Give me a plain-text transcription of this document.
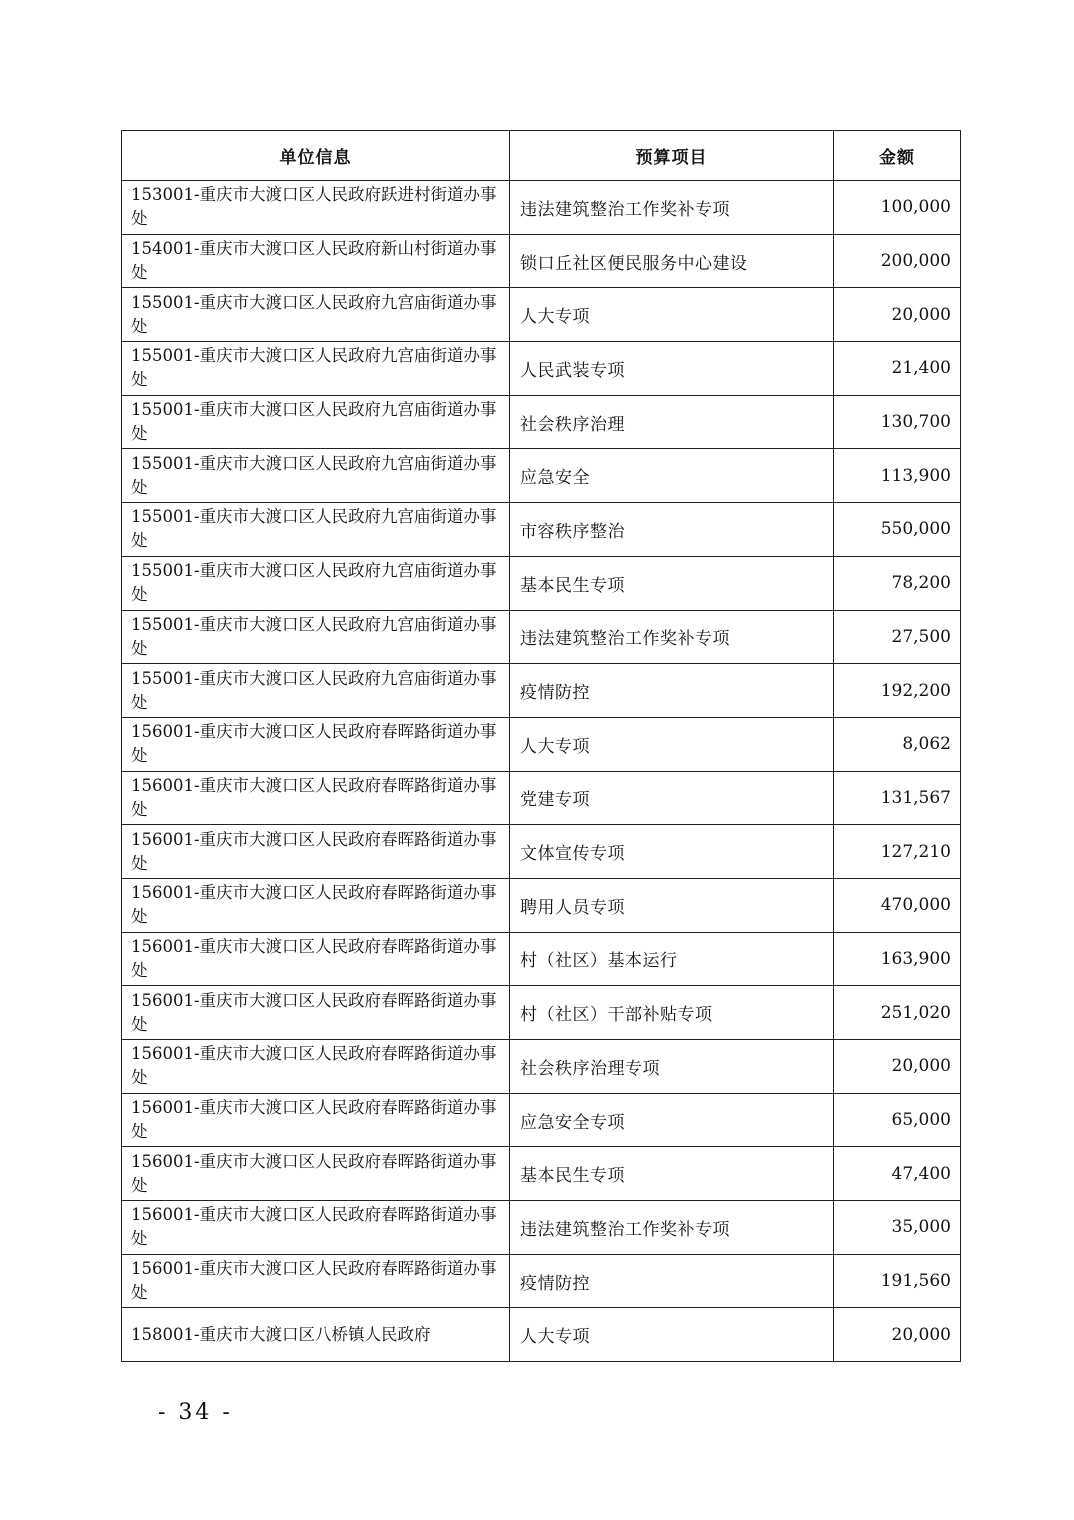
单位信息	预算项目	金额
153001-重庆市大渡口区人民政府跃进村街道办事处	违法建筑整治工作奖补专项	100,000
154001-重庆市大渡口区人民政府新山村街道办事处	锁口丘社区便民服务中心建设	200,000
155001-重庆市大渡口区人民政府九宫庙街道办事处	人大专项	20,000
155001-重庆市大渡口区人民政府九宫庙街道办事处	人民武装专项	21,400
155001-重庆市大渡口区人民政府九宫庙街道办事处	社会秩序治理	130,700
155001-重庆市大渡口区人民政府九宫庙街道办事处	应急安全	113,900
155001-重庆市大渡口区人民政府九宫庙街道办事处	市容秩序整治	550,000
155001-重庆市大渡口区人民政府九宫庙街道办事处	基本民生专项	78,200
155001-重庆市大渡口区人民政府九宫庙街道办事处	违法建筑整治工作奖补专项	27,500
155001-重庆市大渡口区人民政府九宫庙街道办事处	疫情防控	192,200
156001-重庆市大渡口区人民政府春晖路街道办事处	人大专项	8,062
156001-重庆市大渡口区人民政府春晖路街道办事处	党建专项	131,567
156001-重庆市大渡口区人民政府春晖路街道办事处	文体宣传专项	127,210
156001-重庆市大渡口区人民政府春晖路街道办事处	聘用人员专项	470,000
156001-重庆市大渡口区人民政府春晖路街道办事处	村（社区）基本运行	163,900
156001-重庆市大渡口区人民政府春晖路街道办事处	村（社区）干部补贴专项	251,020
156001-重庆市大渡口区人民政府春晖路街道办事处	社会秩序治理专项	20,000
156001-重庆市大渡口区人民政府春晖路街道办事处	应急安全专项	65,000
156001-重庆市大渡口区人民政府春晖路街道办事处	基本民生专项	47,400
156001-重庆市大渡口区人民政府春晖路街道办事处	违法建筑整治工作奖补专项	35,000
156001-重庆市大渡口区人民政府春晖路街道办事处	疫情防控	191,560
158001-重庆市大渡口区八桥镇人民政府	人大专项	20,000
- 34 -
